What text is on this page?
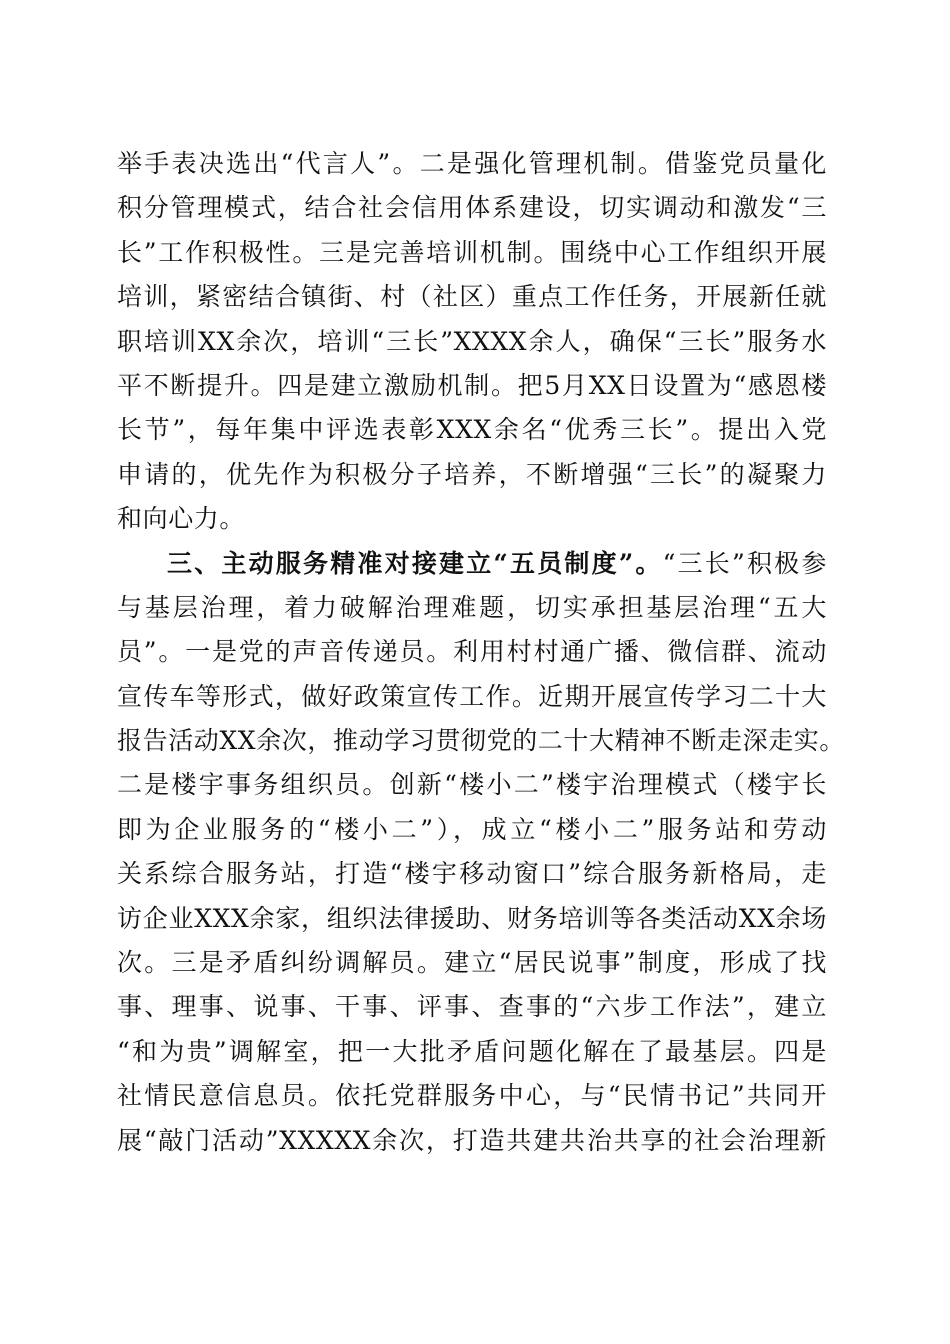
举手表决选出“代言人”。二是强化管理机制。借鉴党员量化
积分管理模式，结合社会信用体系建设，切实调动和激发“三
长”工作积极性。三是完善培训机制。围绕中心工作组织开展
培训，紧密结合镇街、村（社区）重点工作任务，开展新任就
职培训XX余次，培训“三长”XXXX余人，确保“三长”服务水
平不断提升。四是建立激励机制。把5月XX日设置为“感恩楼
长节”，每年集中评选表彰XXX余名“优秀三长”。提出入党
申请的，优先作为积极分子培养，不断增强“三长”的凝聚力
和向心力。
三、主动服务精准对接建立“五员制度”。“三长”积极参
与基层治理，着力破解治理难题，切实承担基层治理“五大
员”。一是党的声音传递员。利用村村通广播、微信群、流动
宣传车等形式，做好政策宣传工作。近期开展宣传学习二十大
报告活动XX余次，推动学习贯彻党的二十大精神不断走深走实。
二是楼宇事务组织员。创新“楼小二”楼宇治理模式（楼宇长
即为企业服务的“楼小二”），成立“楼小二”服务站和劳动
关系综合服务站，打造“楼宇移动窗口”综合服务新格局，走
访企业XXX余家，组织法律援助、财务培训等各类活动XX余场
次。三是矛盾纠纷调解员。建立“居民说事”制度，形成了找
事、理事、说事、干事、评事、查事的“六步工作法”，建立
“和为贵”调解室，把一大批矛盾问题化解在了最基层。四是
社情民意信息员。依托党群服务中心，与“民情书记”共同开
展“敲门活动”XXXXX余次，打造共建共治共享的社会治理新
